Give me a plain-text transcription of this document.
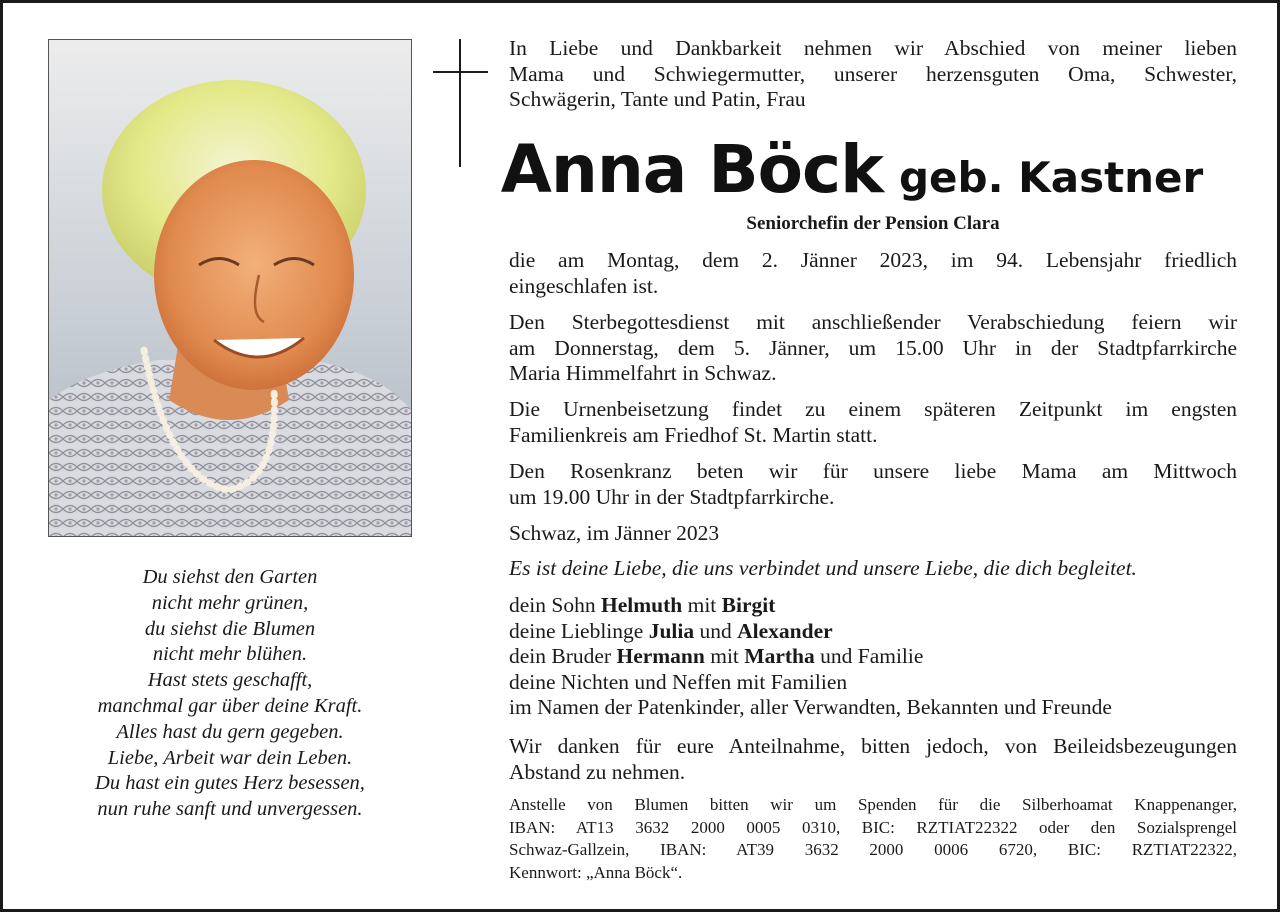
Du siehst den Garten
nicht mehr grünen,
du siehst die Blumen
nicht mehr blühen.
Hast stets geschafft,
manchmal gar über deine Kraft.
Alles hast du gern gegeben.
Liebe, Arbeit war dein Leben.
Du hast ein gutes Herz besessen,
nun ruhe sanft und unvergessen.
In Liebe und Dankbarkeit nehmen wir Abschied von meiner lieben
Mama und Schwiegermutter, unserer herzensguten Oma, Schwester,
Schwägerin, Tante und Patin, Frau
Anna Böck geb. Kastner
Seniorchefin der Pension Clara
die am Montag, dem 2. Jänner 2023, im 94. Lebensjahr friedlich
eingeschlafen ist.
Den Sterbegottesdienst mit anschließender Verabschiedung feiern wir
am Donnerstag, dem 5. Jänner, um 15.00 Uhr in der Stadtpfarrkirche
Maria Himmelfahrt in Schwaz.
Die Urnenbeisetzung findet zu einem späteren Zeitpunkt im engsten
Familienkreis am Friedhof St. Martin statt.
Den Rosenkranz beten wir für unsere liebe Mama am Mittwoch
um 19.00 Uhr in der Stadtpfarrkirche.
Schwaz, im Jänner 2023
Es ist deine Liebe, die uns verbindet und unsere Liebe, die dich begleitet.
dein Sohn Helmuth mit Birgit
deine Lieblinge Julia und Alexander
dein Bruder Hermann mit Martha und Familie
deine Nichten und Neffen mit Familien
im Namen der Patenkinder, aller Verwandten, Bekannten und Freunde
Wir danken für eure Anteilnahme, bitten jedoch, von Beileidsbezeugungen
Abstand zu nehmen.
Anstelle von Blumen bitten wir um Spenden für die Silberhoamat Knappenanger,
IBAN: AT13 3632 2000 0005 0310, BIC: RZTIAT22322 oder den Sozialsprengel
Schwaz-Gallzein, IBAN: AT39 3632 2000 0006 6720, BIC: RZTIAT22322,
Kennwort: „Anna Böck“.
